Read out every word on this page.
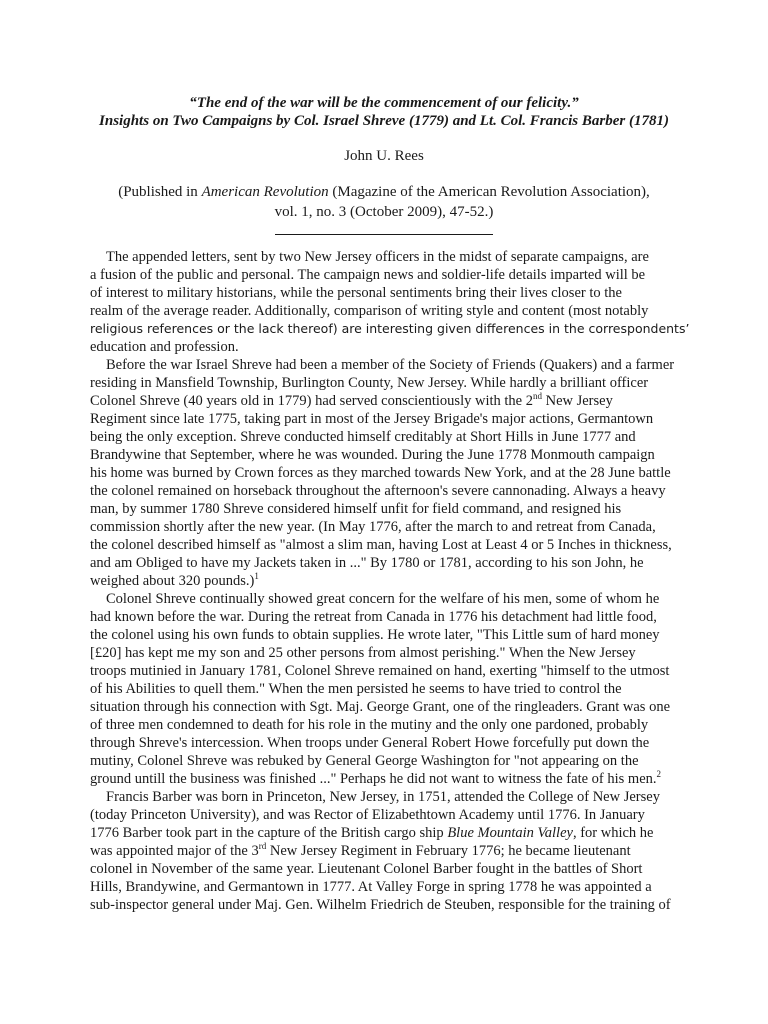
“The end of the war will be the commencement of our felicity.”
Insights on Two Campaigns by Col. Israel Shreve (1779) and Lt. Col. Francis Barber (1781)
John U. Rees
(Published in American Revolution (Magazine of the American Revolution Association),
vol. 1, no. 3 (October 2009), 47-52.)
The appended letters, sent by two New Jersey officers in the midst of separate campaigns, are
a fusion of the public and personal. The campaign news and soldier-life details imparted will be
of interest to military historians, while the personal sentiments bring their lives closer to the
realm of the average reader. Additionally, comparison of writing style and content (most notably
religious references or the lack thereof) are interesting given differences in the correspondents’
education and profession.
Before the war Israel Shreve had been a member of the Society of Friends (Quakers) and a farmer
residing in Mansfield Township, Burlington County, New Jersey. While hardly a brilliant officer
Colonel Shreve (40 years old in 1779) had served conscientiously with the 2nd New Jersey
Regiment since late 1775, taking part in most of the Jersey Brigade's major actions, Germantown
being the only exception. Shreve conducted himself creditably at Short Hills in June 1777 and
Brandywine that September, where he was wounded. During the June 1778 Monmouth campaign
his home was burned by Crown forces as they marched towards New York, and at the 28 June battle
the colonel remained on horseback throughout the afternoon's severe cannonading. Always a heavy
man, by summer 1780 Shreve considered himself unfit for field command, and resigned his
commission shortly after the new year. (In May 1776, after the march to and retreat from Canada,
the colonel described himself as "almost a slim man, having Lost at Least 4 or 5 Inches in thickness,
and am Obliged to have my Jackets taken in ..." By 1780 or 1781, according to his son John, he
weighed about 320 pounds.)$^1$
Colonel Shreve continually showed great concern for the welfare of his men, some of whom he
had known before the war. During the retreat from Canada in 1776 his detachment had little food,
the colonel using his own funds to obtain supplies. He wrote later, "This Little sum of hard money
[£20] has kept me my son and 25 other persons from almost perishing." When the New Jersey
troops mutinied in January 1781, Colonel Shreve remained on hand, exerting "himself to the utmost
of his Abilities to quell them." When the men persisted he seems to have tried to control the
situation through his connection with Sgt. Maj. George Grant, one of the ringleaders. Grant was one
of three men condemned to death for his role in the mutiny and the only one pardoned, probably
through Shreve's intercession. When troops under General Robert Howe forcefully put down the
mutiny, Colonel Shreve was rebuked by General George Washington for "not appearing on the
ground untill the business was finished ..." Perhaps he did not want to witness the fate of his men.$^2$
Francis Barber was born in Princeton, New Jersey, in 1751, attended the College of New Jersey
(today Princeton University), and was Rector of Elizabethtown Academy until 1776. In January
1776 Barber took part in the capture of the British cargo ship Blue Mountain Valley, for which he
was appointed major of the 3rd New Jersey Regiment in February 1776; he became lieutenant
colonel in November of the same year. Lieutenant Colonel Barber fought in the battles of Short
Hills, Brandywine, and Germantown in 1777. At Valley Forge in spring 1778 he was appointed a
sub-inspector general under Maj. Gen. Wilhelm Friedrich de Steuben, responsible for the training of
